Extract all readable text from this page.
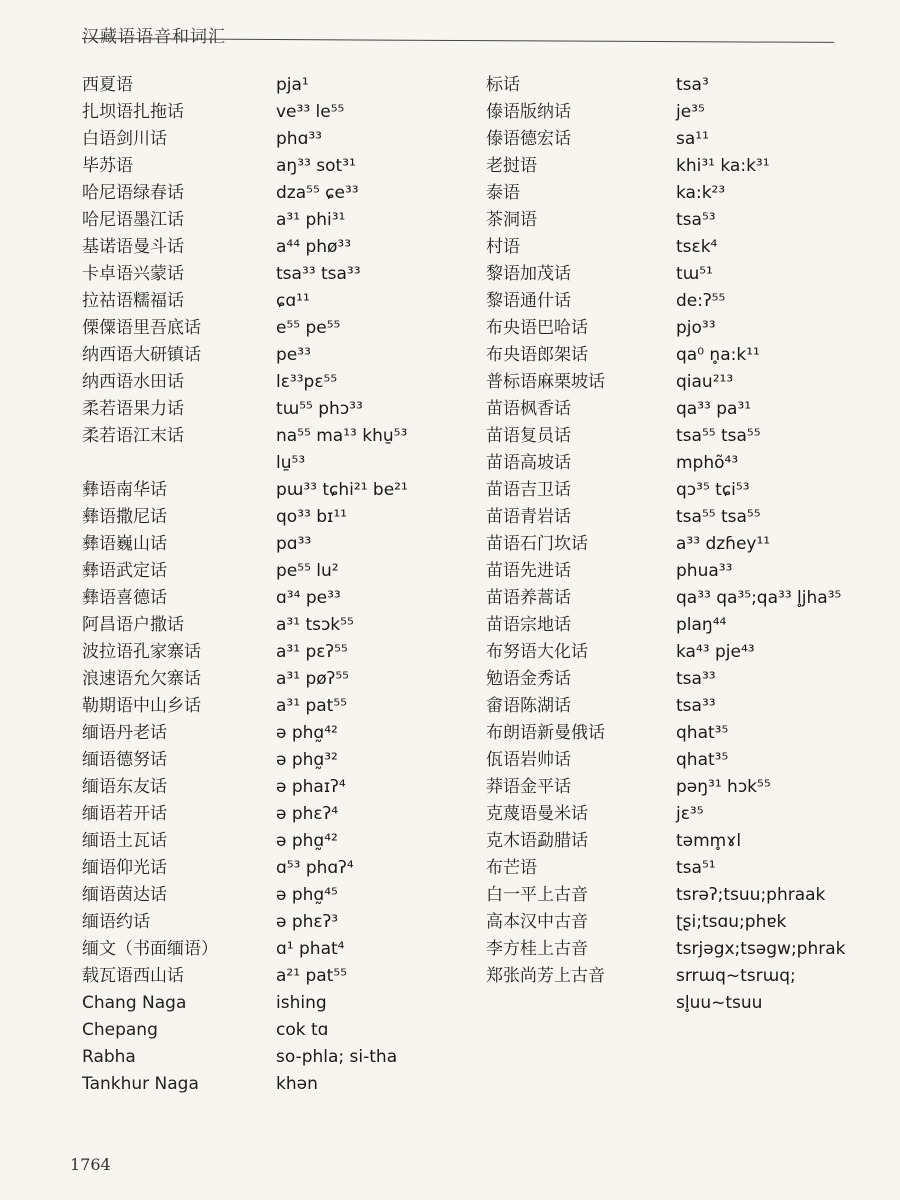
汉藏语语音和词汇
西夏语	pja¹
扎坝语扎拖话	ve³³ le⁵⁵
白语剑川话	phɑ³³
毕苏语	aŋ³³ sot³¹
哈尼语绿春话	dza⁵⁵ ɕe³³
哈尼语墨江话	a³¹ phi³¹
基诺语曼斗话	a⁴⁴ phø³³
卡卓语兴蒙话	tsa³³ tsa³³
拉祜语糯福话	ɕɑ¹¹
傈僳语里吾底话	e⁵⁵ pe⁵⁵
纳西语大研镇话	pe³³
纳西语水田话	lɛ³³pɛ⁵⁵
柔若语果力话	tɯ⁵⁵ phɔ³³
柔若语江末话	na⁵⁵ ma¹³ khu̱⁵³
lu̱⁵³
彝语南华话	pɯ³³ tɕhi²¹ be²¹
彝语撒尼话	qo³³ bɪ¹¹
彝语巍山话	pɑ³³
彝语武定话	pe⁵⁵ lu²
彝语喜德话	ɑ³⁴ pe³³
阿昌语户撒话	a³¹ tsɔk⁵⁵
波拉语孔家寨话	a³¹ pɛʔ⁵⁵
浪速语允欠寨话	a³¹ pøʔ⁵⁵
勒期语中山乡话	a³¹ pat⁵⁵
缅语丹老话	ə phɑ̰⁴²
缅语德努话	ə phɑ̰³²
缅语东友话	ə phaɪʔ⁴
缅语若开话	ə phɛʔ⁴
缅语土瓦话	ə phɑ̰⁴²
缅语仰光话	ɑ⁵³ phɑʔ⁴
缅语茵达话	ə phɑ̰⁴⁵
缅语约话	ə phɛʔ³
缅文（书面缅语）	ɑ¹ phat⁴
载瓦语西山话	a²¹ pat⁵⁵
Chang Naga	ishing
Chepang	cok tɑ
Rabha	so-phla; si-tha
Tankhur Naga	khən
标话	tsa³
傣语版纳话	je³⁵
傣语德宏话	sa¹¹
老挝语	khi³¹ ka:k³¹
泰语	ka:k²³
茶洞语	tsa⁵³
村语	tsɛk⁴
黎语加茂话	tɯ⁵¹
黎语通什话	de:ʔ⁵⁵
布央语巴哈话	pjo³³
布央语郎架话	qa⁰ n̥a:k¹¹
普标语麻栗坡话	qiau²¹³
苗语枫香话	qa³³ pa³¹
苗语复员话	tsa⁵⁵ tsa⁵⁵
苗语高坡话	mphõ⁴³
苗语吉卫话	qɔ³⁵ tɕi⁵³
苗语青岩话	tsa⁵⁵ tsa⁵⁵
苗语石门坎话	a³³ dzɦey¹¹
苗语先进话	phua³³
苗语养蒿话	qa³³ qa³⁵;qa³³ l̥jha³⁵
苗语宗地话	plaŋ⁴⁴
布努语大化话	ka⁴³ pje⁴³
勉语金秀话	tsa³³
畲语陈湖话	tsa³³
布朗语新曼俄话	qhat³⁵
佤语岩帅话	qhat³⁵
莽语金平话	pəŋ³¹ hɔk⁵⁵
克蔑语曼米话	jɛ³⁵
克木语勐腊话	təmm̥ɤl
布芒语	tsa⁵¹
白一平上古音	tsrəʔ;tsuu;phraak
高本汉中古音	ʈʂi;tsɑu;phɐk
李方桂上古音	tsrjəgx;tsəgw;phrak
郑张尚芳上古音	srrɯq~tsrɯq;
sl̥uu~tsuu
1764
